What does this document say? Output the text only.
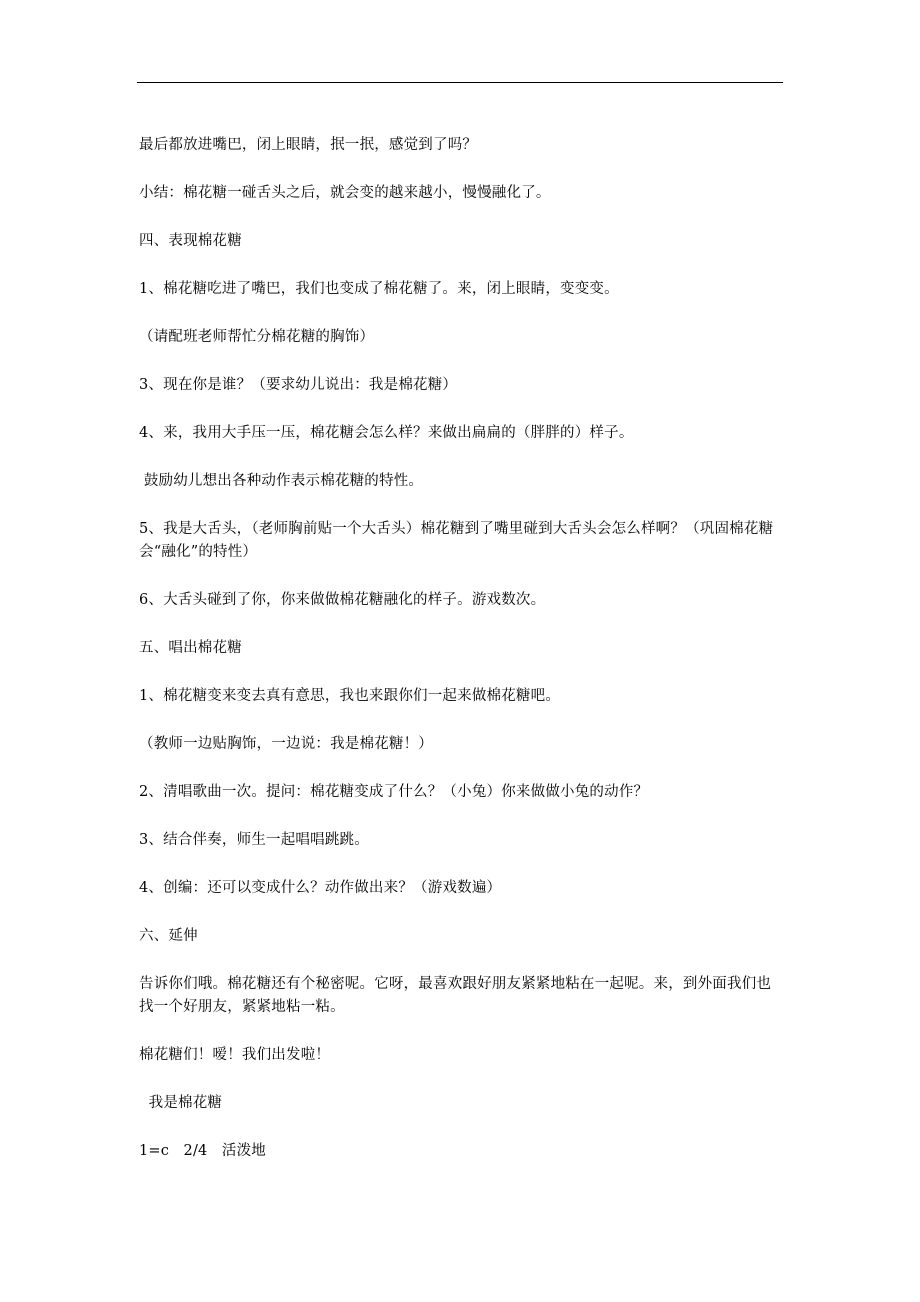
最后都放进嘴巴，闭上眼睛，抿一抿，感觉到了吗？

小结：棉花糖一碰舌头之后，就会变的越来越小，慢慢融化了。

四、表现棉花糖

1、棉花糖吃进了嘴巴，我们也变成了棉花糖了。来，闭上眼睛，变变变。

（请配班老师帮忙分棉花糖的胸饰）

3、现在你是谁？（要求幼儿说出：我是棉花糖）

4、来，我用大手压一压，棉花糖会怎么样？来做出扁扁的（胖胖的）样子。

鼓励幼儿想出各种动作表示棉花糖的特性。

5、我是大舌头，（老师胸前贴一个大舌头）棉花糖到了嘴里碰到大舌头会怎么样啊？（巩固棉花糖会“融化”的特性）

6、大舌头碰到了你，你来做做棉花糖融化的样子。游戏数次。

五、唱出棉花糖

1、棉花糖变来变去真有意思，我也来跟你们一起来做棉花糖吧。

（教师一边贴胸饰，一边说：我是棉花糖！）

2、清唱歌曲一次。提问：棉花糖变成了什么？（小兔）你来做做小兔的动作？

3、结合伴奏，师生一起唱唱跳跳。

4、创编：还可以变成什么？动作做出来？（游戏数遍）

六、延伸

告诉你们哦。棉花糖还有个秘密呢。它呀，最喜欢跟好朋友紧紧地粘在一起呢。来，到外面我们也找一个好朋友，紧紧地粘一粘。

棉花糖们！嗳！我们出发啦！

我是棉花糖

1=c   2/4   活泼地
